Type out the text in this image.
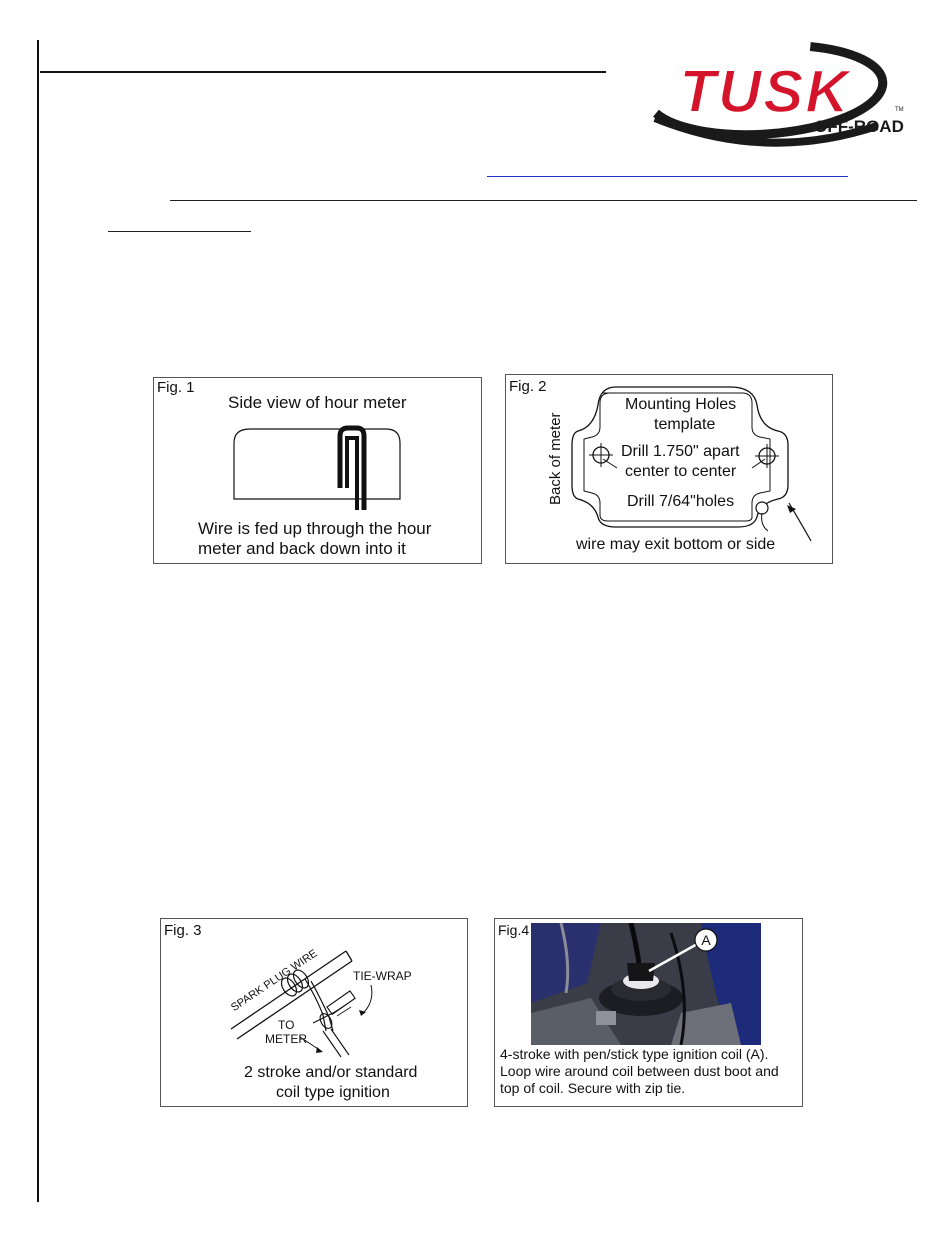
TUSK
OFF-ROAD
TM
Fig. 1
Side view of hour meter
Wire is fed up through the hour
meter and back down into it
Fig. 2
Back of meter
Mounting Holes
template
Drill 1.750" apart
center to center
Drill 7/64"holes
wire may exit bottom or side
Fig. 3
SPARK PLUG WIRE	TIE-WRAP
TO
METER
2 stroke and/or standard
coil type ignition
Fig.4
A
4-stroke with pen/stick type ignition coil (A).
Loop wire around coil between dust boot and
top of coil. Secure with zip tie.
